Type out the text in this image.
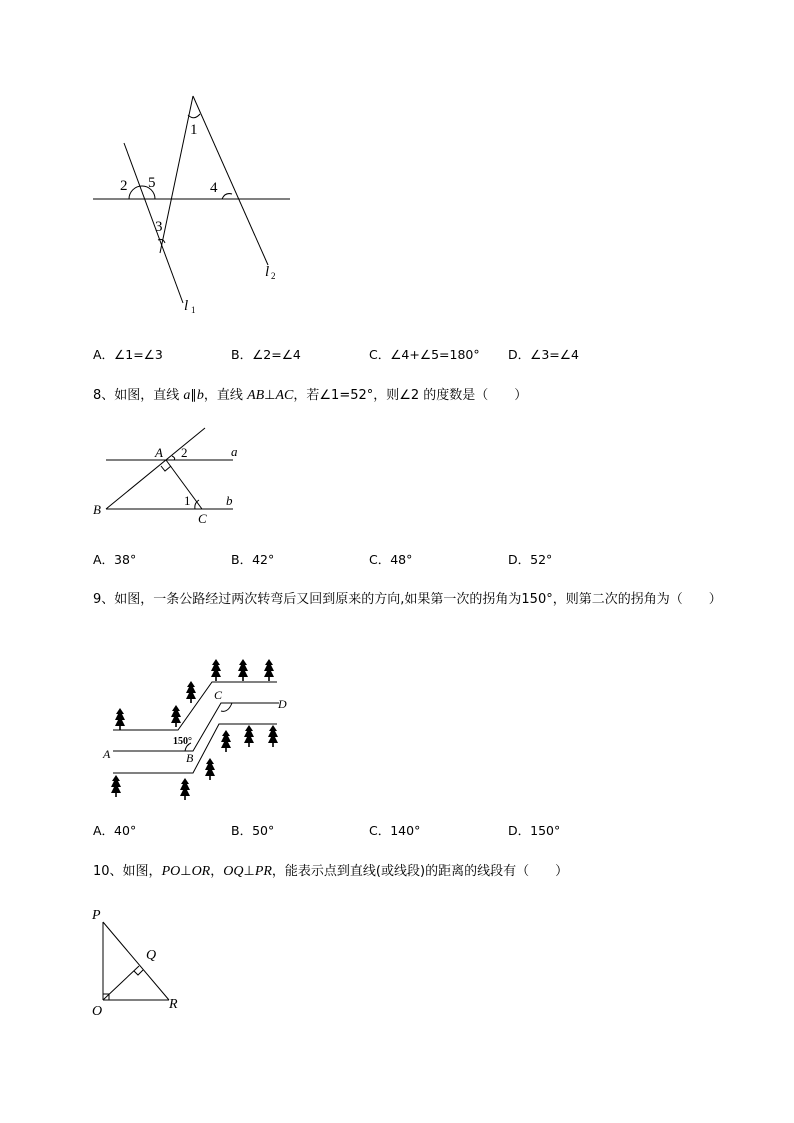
1
2 5
3
4
l 2
l 1
A．∠1=∠3	B．∠2=∠4	C．∠4+∠5=180° D．∠3=∠4
8、如图，直线 a∥b，直线 AB⊥AC，若∠1=52°，则∠2 的度数是（　　）
A 2	a
1	b
B
C
A．38°	B．42°	C．48°	D．52°
9、如图，一条公路经过两次转弯后又回到原来的方向,如果第一次的拐角为150°，则第二次的拐角为（　　）
A	B
C
D
150°
A．40°	B．50°	C．140°	D．150°
10、如图，PO⊥OR，OQ⊥PR，能表示点到直线(或线段)的距离的线段有（　　）
P
Q
O	R
